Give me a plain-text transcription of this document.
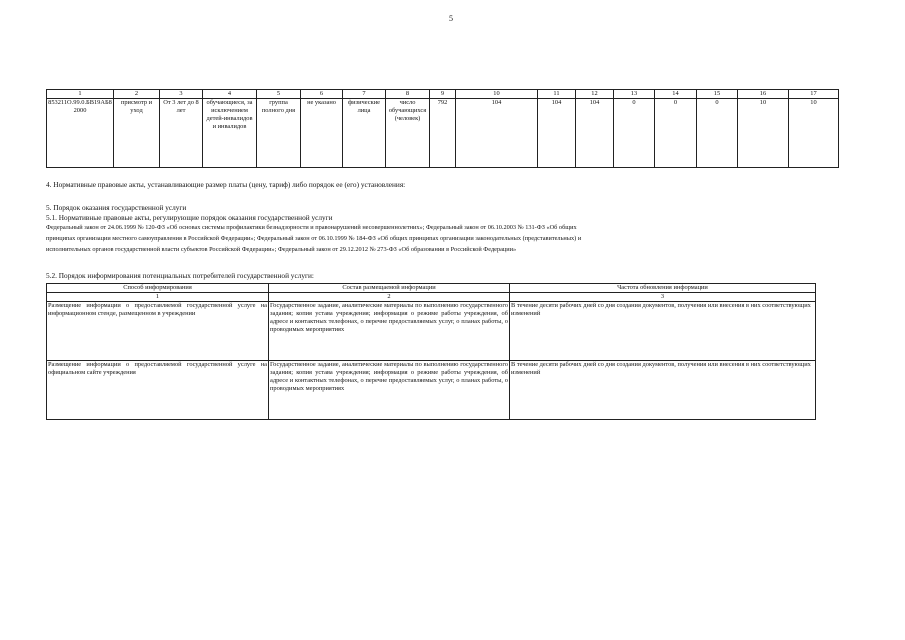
5
1	2	3	4	5	6	7	8	9	10	11	12	13	14	15	16	17
853211О.99.0.БВ19АБ82000	присмотр и уход	От 3 лет до 8 лет	обучающиеся, за исключением детей-инвалидов и инвалидов	группа полного дня	не указано	физические лица	число обучающихся (человек)	792	104	104	104	0	0	0	10	10
4. Нормативные правовые акты, устанавливающие размер платы (цену, тариф) либо порядок ее (его) установления:
5. Порядок оказания государственной услуги
5.1. Нормативные правовые акты, регулирующие порядок оказания государственной услуги
Федеральный закон от 24.06.1999 № 120-ФЗ «Об основах системы профилактики безнадзорности и правонарушений несовершеннолетних»; Федеральный закон от 06.10.2003 № 131-ФЗ «Об общих
принципах организации местного самоуправления в Российской Федерации»; Федеральный закон от 06.10.1999 № 184-ФЗ «Об общих принципах организации законодательных (представительных) и
исполнительных органов государственной власти субъектов Российской Федерации»; Федеральный закон от 29.12.2012 № 273-ФЗ «Об образовании в Российской Федерации»
5.2. Порядок информирования потенциальных потребителей государственной услуги:
Способ информирования	Состав размещаемой информации	Частота обновления информации
1	2	3
Размещение информации о предоставляемой государственной услуге на информационном стенде, размещенном в учреждении	Государственное задание, аналитические материалы по выполнению государственного задания; копия устава учреждения; информация о режиме работы учреждения, об адресе и контактных телефонах, о перечне предоставляемых услуг, о планах работы, о проводимых мероприятиях	В течение десяти рабочих дней со дня создания документов, получения или внесения в них соответствующих изменений
Размещение информации о предоставляемой государственной услуге на официальном сайте учреждения	Государственное задание, аналитические материалы по выполнению государственного задания; копия устава учреждения; информация о режиме работы учреждения, об адресе и контактных телефонах, о перечне предоставляемых услуг, о планах работы, о проводимых мероприятиях	В течение десяти рабочих дней со дня создания документов, получения или внесения в них соответствующих изменений
